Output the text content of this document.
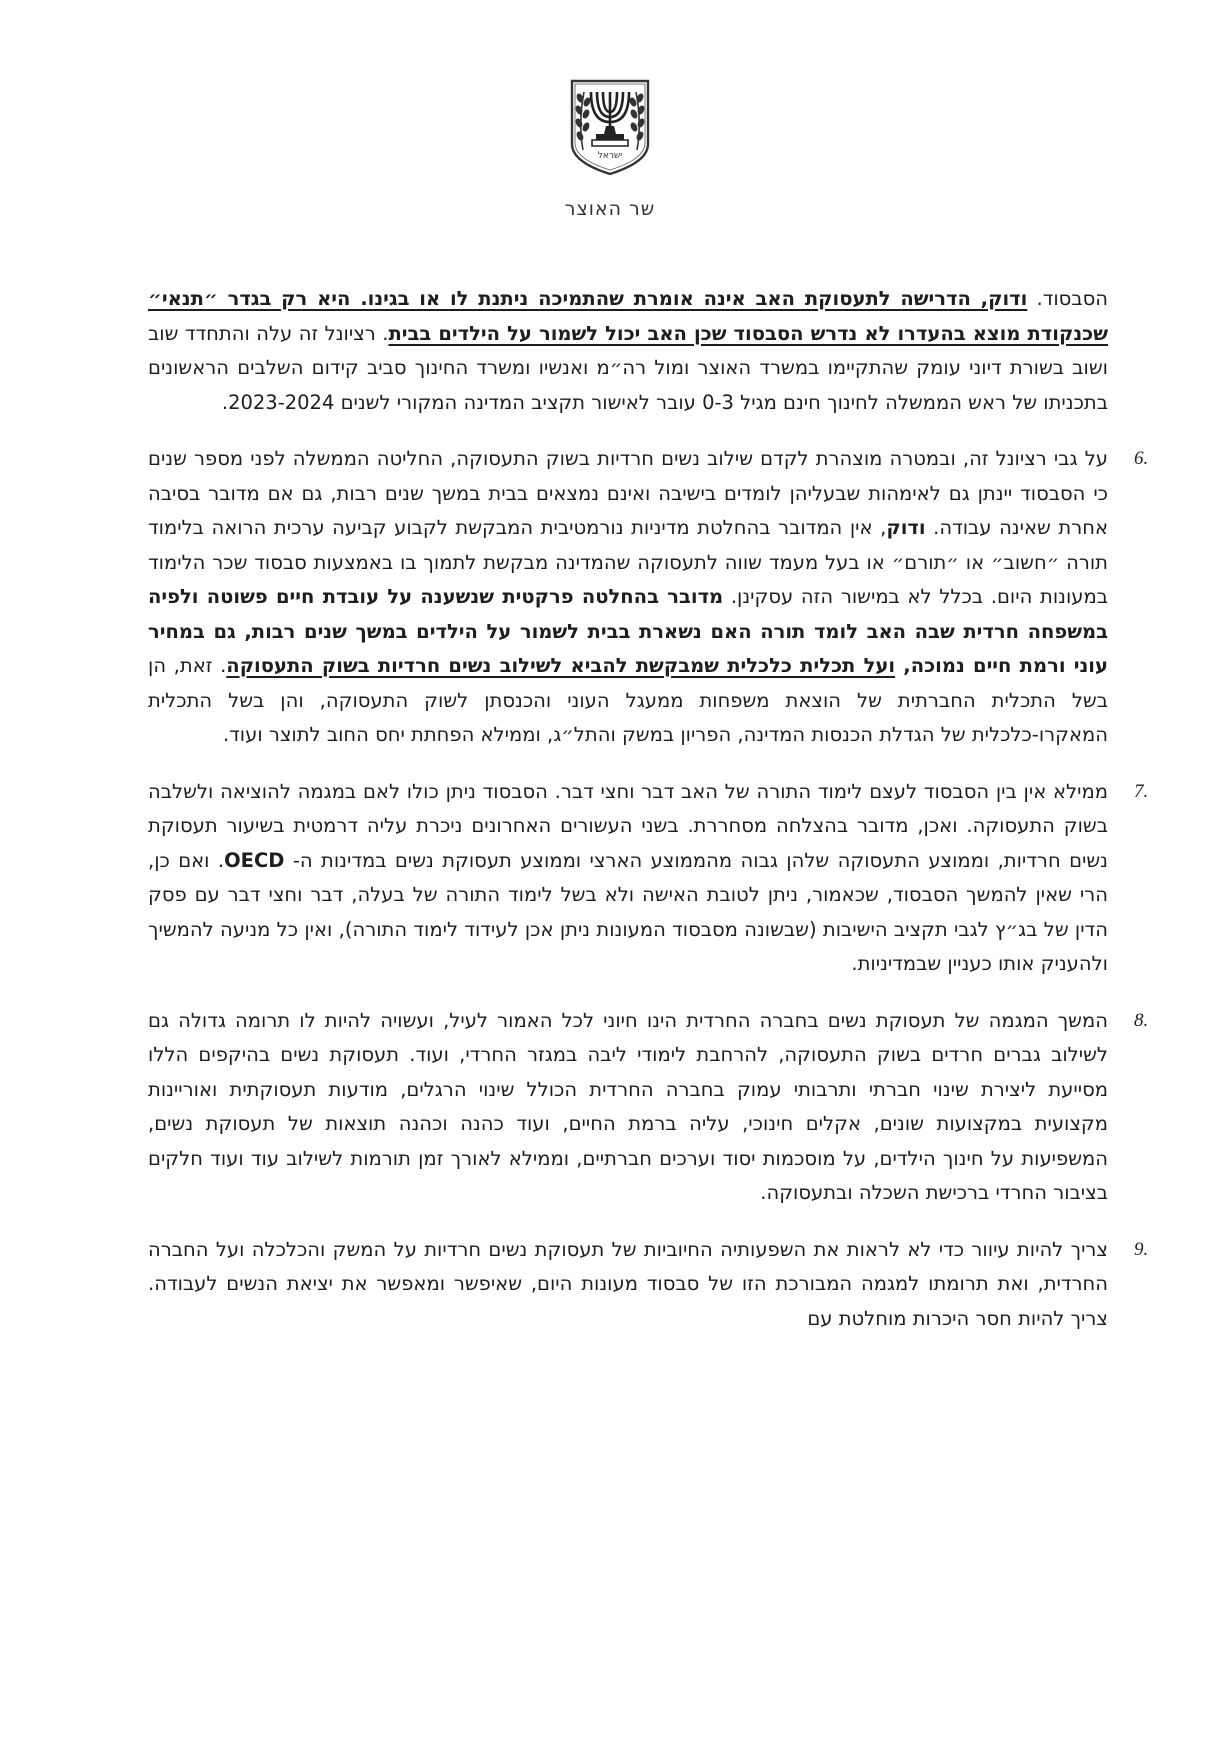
ישראל
שר האוצר
הסבסוד. ודוק, הדרישה לתעסוקת האב אינה אומרת שהתמיכה ניתנת לו או בגינו. היא רק בגדר ״תנאי״ שכנקודת מוצא בהעדרו לא נדרש הסבסוד שכן האב יכול לשמור על הילדים בבית. רציונל זה עלה והתחדד שוב ושוב בשורת דיוני עומק שהתקיימו במשרד האוצר ומול רה״מ ואנשיו ומשרד החינוך סביב קידום השלבים הראשונים בתכניתו של ראש הממשלה לחינוך חינם מגיל 0-3 עובר לאישור תקציב המדינה המקורי לשנים 2023-2024.
6.
על גבי רציונל זה, ובמטרה מוצהרת לקדם שילוב נשים חרדיות בשוק התעסוקה, החליטה הממשלה לפני מספר שנים כי הסבסוד יינתן גם לאימהות שבעליהן לומדים בישיבה ואינם נמצאים בבית במשך שנים רבות, גם אם מדובר בסיבה אחרת שאינה עבודה. ודוק, אין המדובר בהחלטת מדיניות נורמטיבית המבקשת לקבוע קביעה ערכית הרואה בלימוד תורה ״חשוב״ או ״תורם״ או בעל מעמד שווה לתעסוקה שהמדינה מבקשת לתמוך בו באמצעות סבסוד שכר הלימוד במעונות היום. בכלל לא במישור הזה עסקינן. מדובר בהחלטה פרקטית שנשענה על עובדת חיים פשוטה ולפיה במשפחה חרדית שבה האב לומד תורה האם נשארת בבית לשמור על הילדים במשך שנים רבות, גם במחיר עוני ורמת חיים נמוכה, ועל תכלית כלכלית שמבקשת להביא לשילוב נשים חרדיות בשוק התעסוקה. זאת, הן בשל התכלית החברתית של הוצאת משפחות ממעגל העוני והכנסתן לשוק התעסוקה, והן בשל התכלית המאקרו-כלכלית של הגדלת הכנסות המדינה, הפריון במשק והתל״ג, וממילא הפחתת יחס החוב לתוצר ועוד.
7.
ממילא אין בין הסבסוד לעצם לימוד התורה של האב דבר וחצי דבר. הסבסוד ניתן כולו לאם במגמה להוציאה ולשלבה בשוק התעסוקה. ואכן, מדובר בהצלחה מסחררת. בשני העשורים האחרונים ניכרת עליה דרמטית בשיעור תעסוקת נשים חרדיות, וממוצע התעסוקה שלהן גבוה מהממוצע הארצי וממוצע תעסוקת נשים במדינות ה- OECD. ואם כן, הרי שאין להמשך הסבסוד, שכאמור, ניתן לטובת האישה ולא בשל לימוד התורה של בעלה, דבר וחצי דבר עם פסק הדין של בג״ץ לגבי תקציב הישיבות (שבשונה מסבסוד המעונות ניתן אכן לעידוד לימוד התורה), ואין כל מניעה להמשיך ולהעניק אותו כעניין שבמדיניות.
8.
המשך המגמה של תעסוקת נשים בחברה החרדית הינו חיוני לכל האמור לעיל, ועשויה להיות לו תרומה גדולה גם לשילוב גברים חרדים בשוק התעסוקה, להרחבת לימודי ליבה במגזר החרדי, ועוד. תעסוקת נשים בהיקפים הללו מסייעת ליצירת שינוי חברתי ותרבותי עמוק בחברה החרדית הכולל שינוי הרגלים, מודעות תעסוקתית ואוריינות מקצועית במקצועות שונים, אקלים חינוכי, עליה ברמת החיים, ועוד כהנה וכהנה תוצאות של תעסוקת נשים, המשפיעות על חינוך הילדים, על מוסכמות יסוד וערכים חברתיים, וממילא לאורך זמן תורמות לשילוב עוד ועוד חלקים בציבור החרדי ברכישת השכלה ובתעסוקה.
9.
צריך להיות עיוור כדי לא לראות את השפעותיה החיוביות של תעסוקת נשים חרדיות על המשק והכלכלה ועל החברה החרדית, ואת תרומתו למגמה המבורכת הזו של סבסוד מעונות היום, שאיפשר ומאפשר את יציאת הנשים לעבודה. צריך להיות חסר היכרות מוחלטת עם
